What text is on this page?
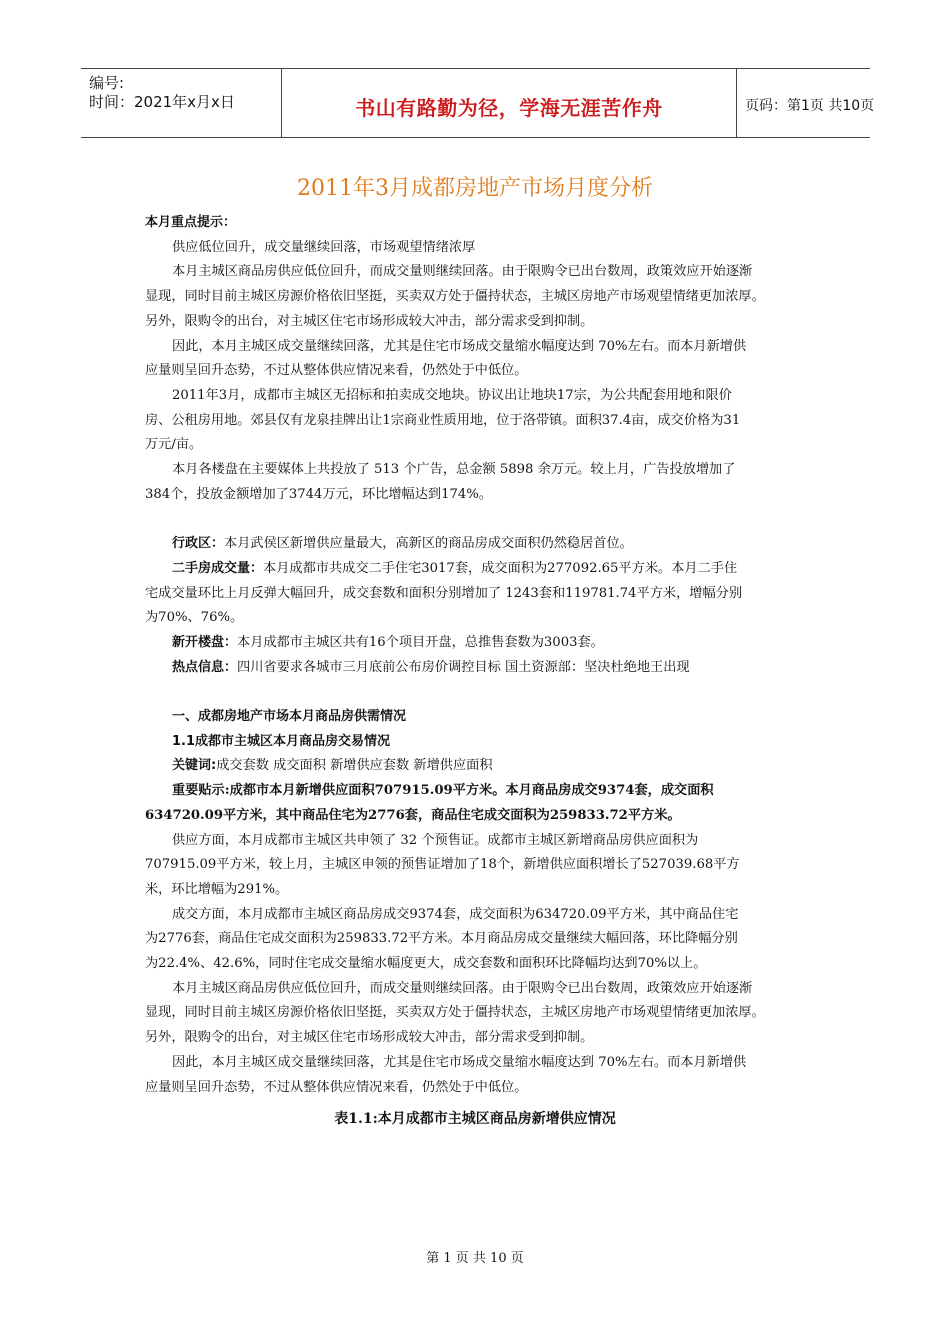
编号:
时间：2021年x月x日	书山有路勤为径，学海无涯苦作舟	页码：第1页 共10页
2011年3月成都房地产市场月度分析
本月重点提示：
供应低位回升，成交量继续回落，市场观望情绪浓厚
本月主城区商品房供应低位回升，而成交量则继续回落。由于限购令已出台数周，政策效应开始逐渐
显现，同时目前主城区房源价格依旧坚挺，买卖双方处于僵持状态，主城区房地产市场观望情绪更加浓厚。
另外，限购令的出台，对主城区住宅市场形成较大冲击，部分需求受到抑制。
因此，本月主城区成交量继续回落，尤其是住宅市场成交量缩水幅度达到 70%左右。而本月新增供
应量则呈回升态势，不过从整体供应情况来看，仍然处于中低位。
2011年3月，成都市主城区无招标和拍卖成交地块。协议出让地块17宗，为公共配套用地和限价
房、公租房用地。郊县仅有龙泉挂牌出让1宗商业性质用地，位于洛带镇。面积37.4亩，成交价格为31
万元/亩。
本月各楼盘在主要媒体上共投放了 513 个广告，总金额 5898 余万元。较上月，广告投放增加了
384个，投放金额增加了3744万元，环比增幅达到174%。
行政区：本月武侯区新增供应量最大，高新区的商品房成交面积仍然稳居首位。
二手房成交量：本月成都市共成交二手住宅3017套，成交面积为277092.65平方米。本月二手住
宅成交量环比上月反弹大幅回升，成交套数和面积分别增加了 1243套和119781.74平方米，增幅分别
为70%、76%。
新开楼盘：本月成都市主城区共有16个项目开盘，总推售套数为3003套。
热点信息：四川省要求各城市三月底前公布房价调控目标 国土资源部：坚决杜绝地王出现
一、成都房地产市场本月商品房供需情况
1.1成都市主城区本月商品房交易情况
关键词:成交套数 成交面积 新增供应套数 新增供应面积
重要贴示:成都市本月新增供应面积707915.09平方米。本月商品房成交9374套，成交面积
634720.09平方米，其中商品住宅为2776套，商品住宅成交面积为259833.72平方米。
供应方面，本月成都市主城区共申领了 32 个预售证。成都市主城区新增商品房供应面积为
707915.09平方米，较上月，主城区申领的预售证增加了18个，新增供应面积增长了527039.68平方
米，环比增幅为291%。
成交方面，本月成都市主城区商品房成交9374套，成交面积为634720.09平方米，其中商品住宅
为2776套，商品住宅成交面积为259833.72平方米。本月商品房成交量继续大幅回落，环比降幅分别
为22.4%、42.6%，同时住宅成交量缩水幅度更大，成交套数和面积环比降幅均达到70%以上。
本月主城区商品房供应低位回升，而成交量则继续回落。由于限购令已出台数周，政策效应开始逐渐
显现，同时目前主城区房源价格依旧坚挺，买卖双方处于僵持状态，主城区房地产市场观望情绪更加浓厚。
另外，限购令的出台，对主城区住宅市场形成较大冲击，部分需求受到抑制。
因此，本月主城区成交量继续回落，尤其是住宅市场成交量缩水幅度达到 70%左右。而本月新增供
应量则呈回升态势，不过从整体供应情况来看，仍然处于中低位。
表1.1:本月成都市主城区商品房新增供应情况
第 1 页 共 10 页
